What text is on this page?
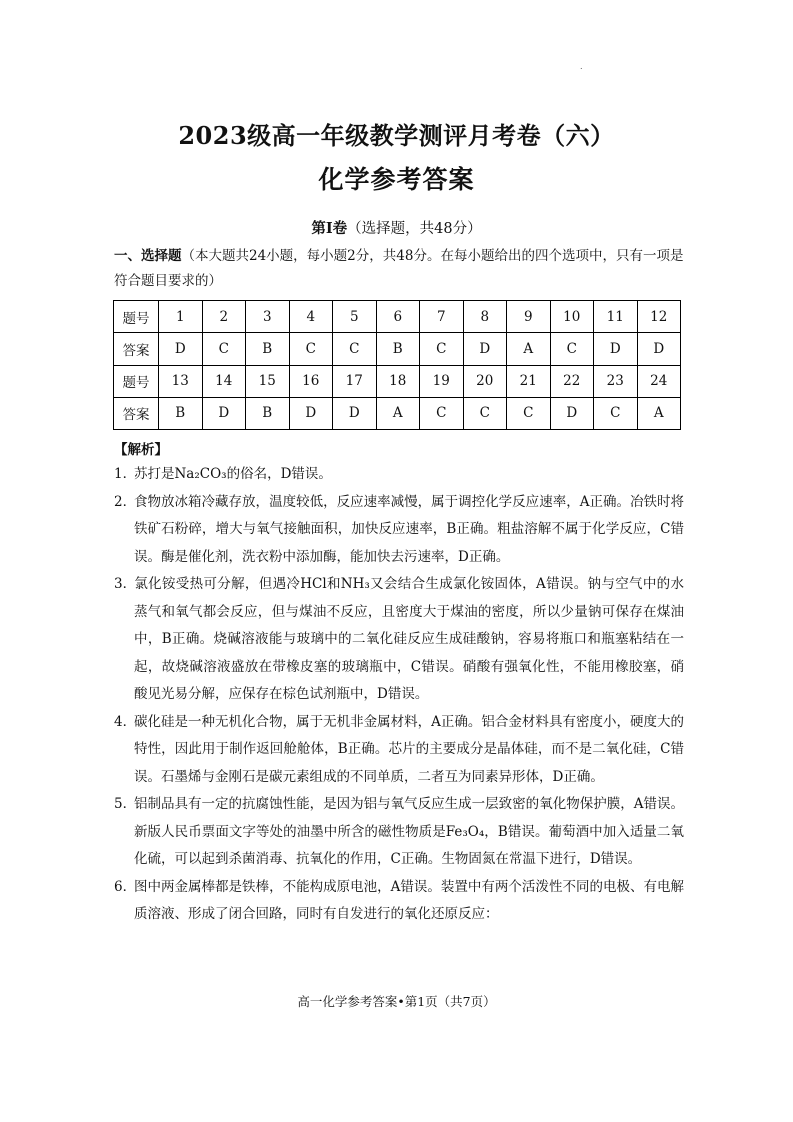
.
2023级高一年级教学测评月考卷（六）
化学参考答案
第Ⅰ卷（选择题，共48分）
一、选择题（本大题共24小题，每小题2分，共48分。在每小题给出的四个选项中，只有一项是符合题目要求的）
题号	1	2	3	4	5	6	7	8	9	10	11	12
答案	D	C	B	C	C	B	C	D	A	C	D	D
题号	13	14	15	16	17	18	19	20	21	22	23	24
答案	B	D	B	D	D	A	C	C	C	D	C	A
【解析】
1．苏打是Na₂CO₃的俗名，D错误。
2．食物放冰箱冷藏存放，温度较低，反应速率减慢，属于调控化学反应速率，A正确。冶铁时将铁矿石粉碎，增大与氧气接触面积，加快反应速率，B正确。粗盐溶解不属于化学反应，C错误。酶是催化剂，洗衣粉中添加酶，能加快去污速率，D正确。
3．氯化铵受热可分解，但遇冷HCl和NH₃又会结合生成氯化铵固体，A错误。钠与空气中的水蒸气和氧气都会反应，但与煤油不反应，且密度大于煤油的密度，所以少量钠可保存在煤油中，B正确。烧碱溶液能与玻璃中的二氧化硅反应生成硅酸钠，容易将瓶口和瓶塞粘结在一起，故烧碱溶液盛放在带橡皮塞的玻璃瓶中，C错误。硝酸有强氧化性，不能用橡胶塞，硝酸见光易分解，应保存在棕色试剂瓶中，D错误。
4．碳化硅是一种无机化合物，属于无机非金属材料，A正确。铝合金材料具有密度小，硬度大的特性，因此用于制作返回舱舱体，B正确。芯片的主要成分是晶体硅，而不是二氧化硅，C错误。石墨烯与金刚石是碳元素组成的不同单质，二者互为同素异形体，D正确。
5．铝制品具有一定的抗腐蚀性能，是因为铝与氧气反应生成一层致密的氧化物保护膜，A错误。新版人民币票面文字等处的油墨中所含的磁性物质是Fe₃O₄，B错误。葡萄酒中加入适量二氧化硫，可以起到杀菌消毒、抗氧化的作用，C正确。生物固氮在常温下进行，D错误。
6．图中两金属棒都是铁棒，不能构成原电池，A错误。装置中有两个活泼性不同的电极、有电解质溶液、形成了闭合回路，同时有自发进行的氧化还原反应：
高一化学参考答案•第1页（共7页）
